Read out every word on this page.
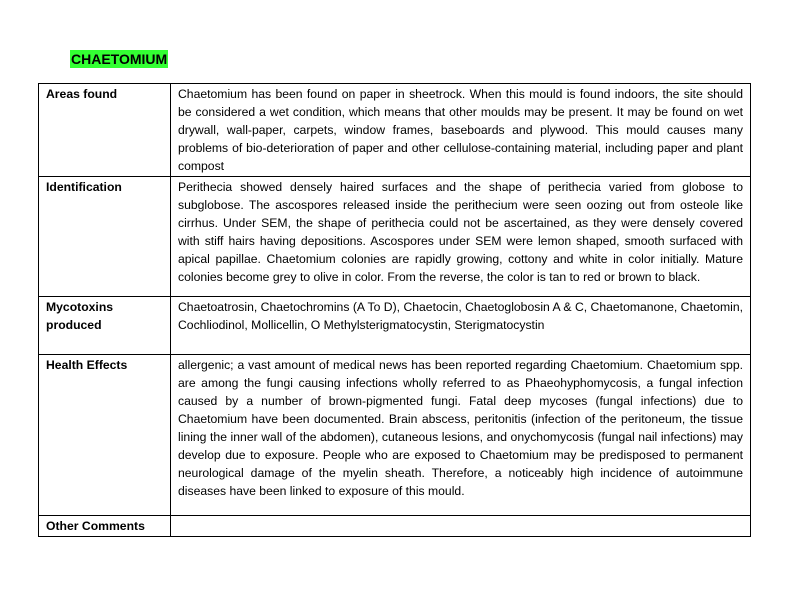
CHAETOMIUM
Areas found	Chaetomium has been found on paper in sheetrock. When this mould is found indoors, the site should be considered a wet condition, which means that other moulds may be present. It may be found on wet drywall, wall-paper, carpets, window frames, baseboards and plywood. This mould causes many problems of bio-deterioration of paper and other cellulose-containing material, including paper and plant compost
Identification	Perithecia showed densely haired surfaces and the shape of perithecia varied from globose to subglobose. The ascospores released inside the perithecium were seen oozing out from osteole like cirrhus. Under SEM, the shape of perithecia could not be ascertained, as they were densely covered with stiff hairs having depositions. Ascospores under SEM were lemon shaped, smooth surfaced with apical papillae. Chaetomium colonies are rapidly growing, cottony and white in color initially. Mature colonies become grey to olive in color. From the reverse, the color is tan to red or brown to black.
Mycotoxins produced	Chaetoatrosin, Chaetochromins (A To D), Chaetocin, Chaetoglobosin A & C, Chaetomanone, Chaetomin, Cochliodinol, Mollicellin, O Methylsterigmatocystin, Sterigmatocystin
Health Effects	allergenic; a vast amount of medical news has been reported regarding Chaetomium. Chaetomium spp. are among the fungi causing infections wholly referred to as Phaeohyphomycosis, a fungal infection caused by a number of brown-pigmented fungi. Fatal deep mycoses (fungal infections) due to Chaetomium have been documented. Brain abscess, peritonitis (infection of the peritoneum, the tissue lining the inner wall of the abdomen), cutaneous lesions, and onychomycosis (fungal nail infections) may develop due to exposure. People who are exposed to Chaetomium may be predisposed to permanent neurological damage of the myelin sheath. Therefore, a noticeably high incidence of autoimmune diseases have been linked to exposure of this mould.
Other Comments	
